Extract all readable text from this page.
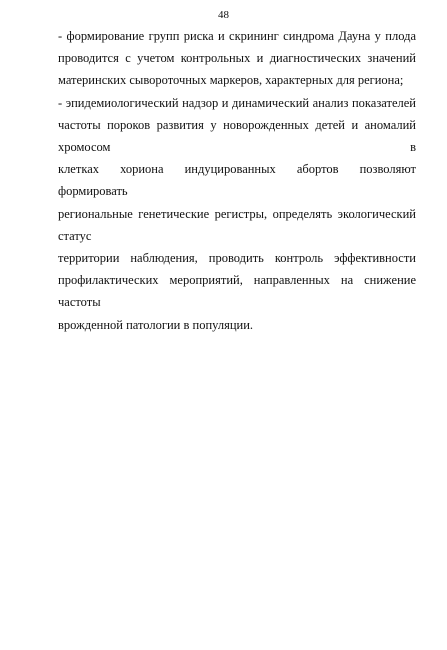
48
- формирование групп риска и скрининг синдрома Дауна у плода
проводится с учетом контрольных и диагностических значений
материнских сывороточных маркеров, характерных для региона;
- эпидемиологический надзор и динамический анализ показателей
частоты пороков развития у новорожденных детей и аномалий хромосом в
клетках хориона индуцированных абортов позволяют формировать
региональные генетические регистры, определять экологический статус
территории наблюдения, проводить контроль эффективности
профилактических мероприятий, направленных на снижение частоты
врожденной патологии в популяции.
